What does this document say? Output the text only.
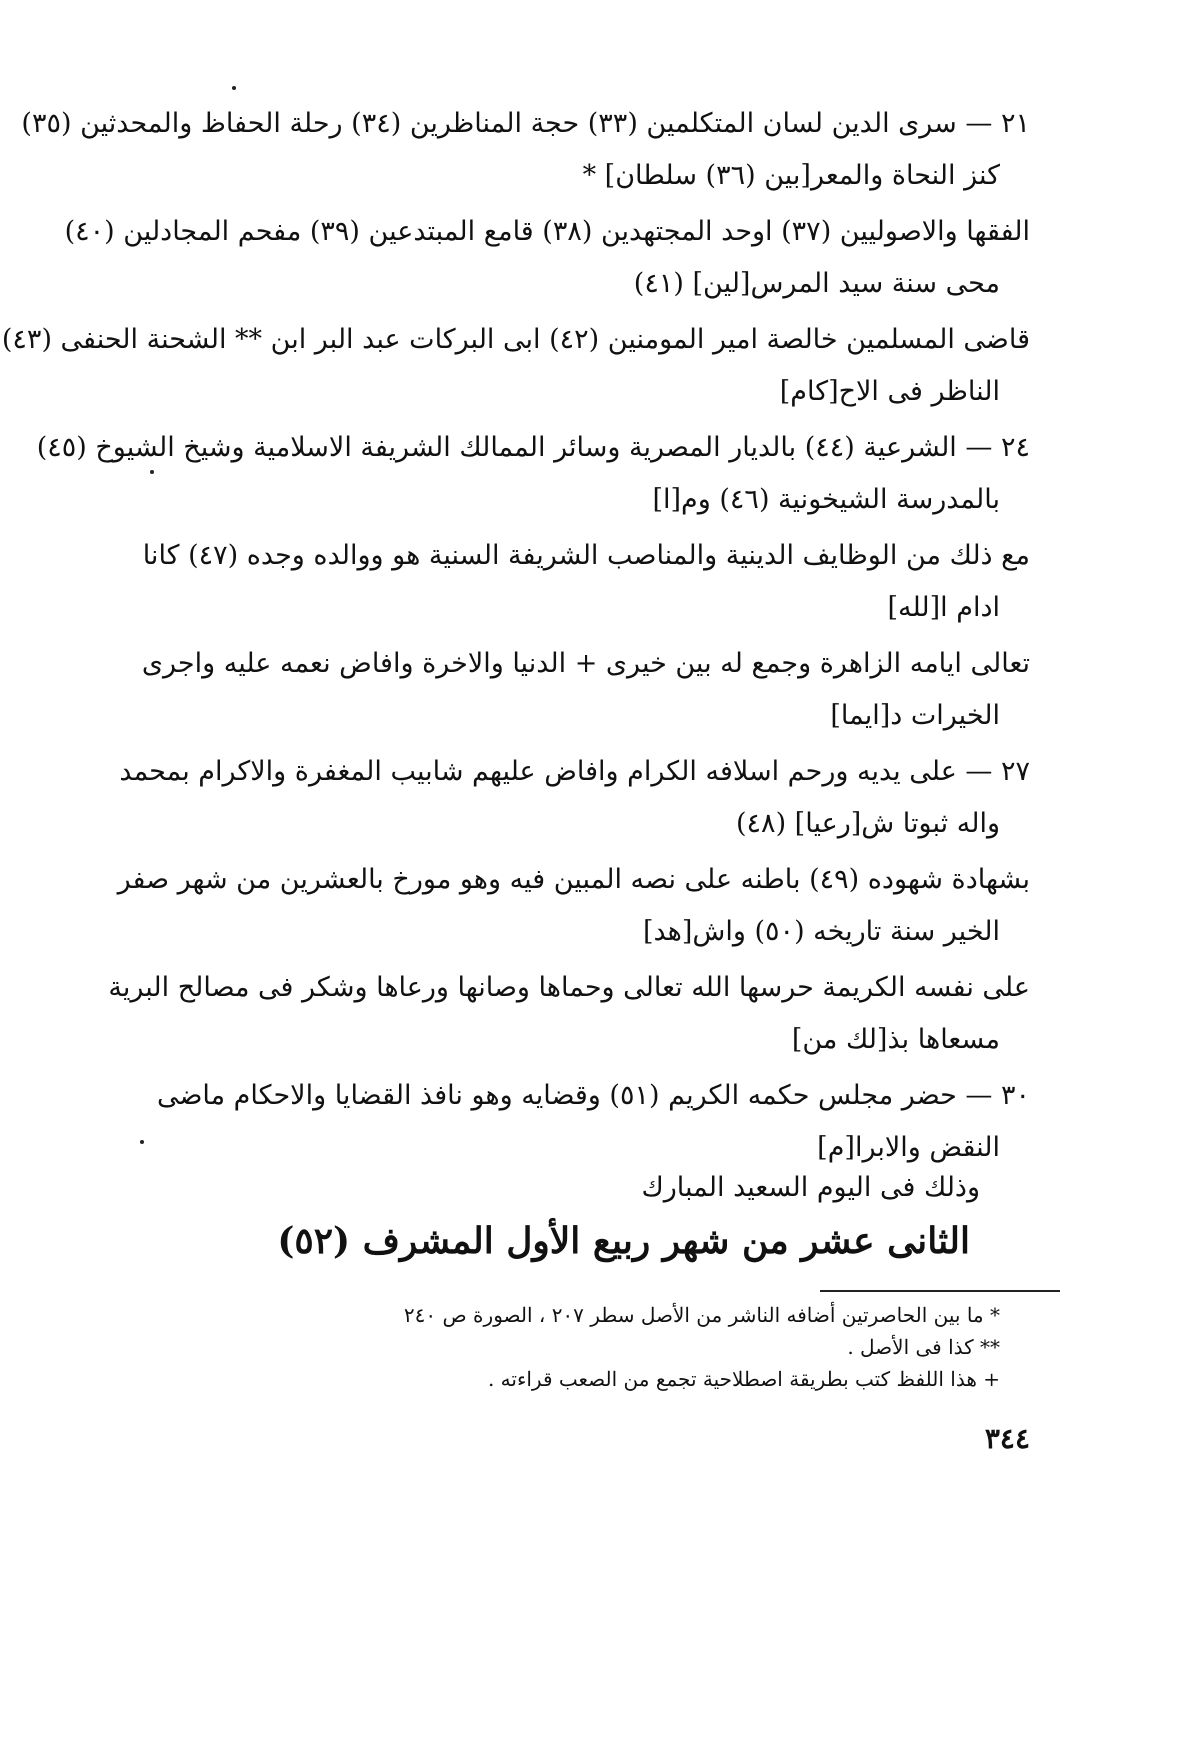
٢١ — سرى الدين لسان المتكلمين (٣٣) حجة المناظرين (٣٤) رحلة الحفاظ والمحدثين (٣٥)
كنز النحاة والمعر[بين (٣٦) سلطان] *
الفقها والاصوليين (٣٧) اوحد المجتهدين (٣٨) قامع المبتدعين (٣٩) مفحم المجادلين (٤٠)
محى سنة سيد المرس[لين] (٤١)
قاضى المسلمين خالصة امير المومنين (٤٢) ابى البركات عبد البر ابن ** الشحنة الحنفى (٤٣)
الناظر فى الاح[كام]
٢٤ — الشرعية (٤٤) بالديار المصرية وسائر الممالك الشريفة الاسلامية وشيخ الشيوخ (٤٥)
بالمدرسة الشيخونية (٤٦) وم[ا]
مع ذلك من الوظايف الدينية والمناصب الشريفة السنية هو ووالده وجده (٤٧) كانا
ادام ا[لله]
تعالى ايامه الزاهرة وجمع له بين خيرى + الدنيا والاخرة وافاض نعمه عليه واجرى
الخيرات د[ايما]
٢٧ — على يديه ورحم اسلافه الكرام وافاض عليهم شابيب المغفرة والاكرام بمحمد
واله ثبوتا ش[رعيا] (٤٨)
بشهادة شهوده (٤٩) باطنه على نصه المبين فيه وهو مورخ بالعشرين من شهر صفر
الخير سنة تاريخه (٥٠) واش[هد]
على نفسه الكريمة حرسها الله تعالى وحماها وصانها ورعاها وشكر فى مصالح البرية
مسعاها بذ[لك من]
٣٠ — حضر مجلس حكمه الكريم (٥١) وقضايه وهو نافذ القضايا والاحكام ماضى
النقض والابرا[م]
وذلك فى اليوم السعيد المبارك
الثانى عشر من شهر ربيع الأول المشرف (٥٢)
* ما بين الحاصرتين أضافه الناشر من الأصل سطر ٢٠٧ ، الصورة ص ٢٤٠
** كذا فى الأصل .
+ هذا اللفظ كتب بطريقة اصطلاحية تجمع من الصعب قراءته .
٣٤٤
